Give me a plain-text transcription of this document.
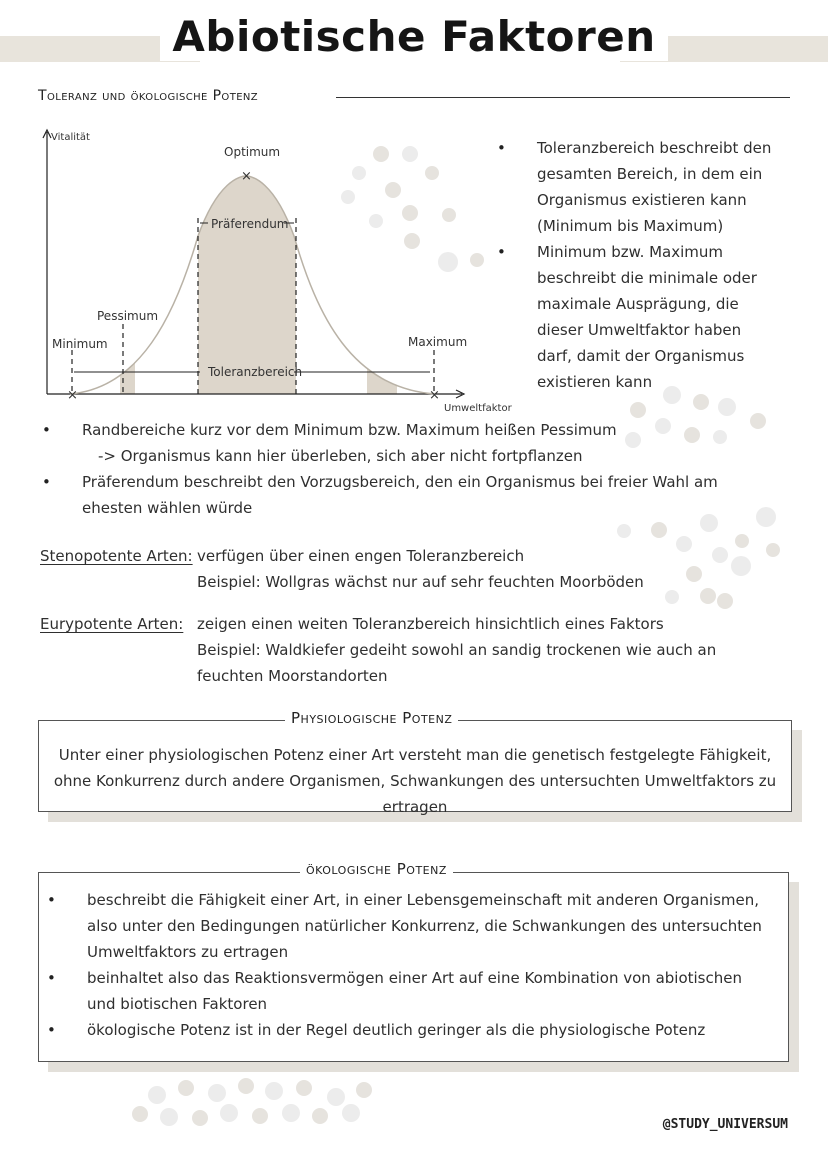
Abiotische Faktoren
Toleranz und ökologische Potenz
×
×	×
Vitalität
Umweltfaktor
Optimum
Präferendum
Pessimum
Minimum	Maximum
Toleranzbereich
• Toleranzbereich beschreibt den gesamten Bereich, in dem ein Organismus existieren kann (Minimum bis Maximum)
• Minimum bzw. Maximum beschreibt die minimale oder maximale Ausprägung, die dieser Umweltfaktor haben darf, damit der Organismus existieren kann
• Randbereiche kurz vor dem Minimum bzw. Maximum heißen Pessimum
-> Organismus kann hier überleben, sich aber nicht fortpflanzen
• Präferendum beschreibt den Vorzugsbereich, den ein Organismus bei freier Wahl am ehesten wählen würde
Stenopotente Arten: verfügen über einen engen Toleranzbereich
Beispiel: Wollgras wächst nur auf sehr feuchten Moorböden
Eurypotente Arten: zeigen einen weiten Toleranzbereich hinsichtlich eines Faktors
Beispiel: Waldkiefer gedeiht sowohl an sandig trockenen wie auch an feuchten Moorstandorten
Physiologische Potenz
Unter einer physiologischen Potenz einer Art versteht man die genetisch festgelegte Fähigkeit, ohne Konkurrenz durch andere Organismen, Schwankungen des untersuchten Umweltfaktors zu ertragen
ökologische Potenz
• beschreibt die Fähigkeit einer Art, in einer Lebensgemeinschaft mit anderen Organismen, also unter den Bedingungen natürlicher Konkurrenz, die Schwankungen des untersuchten Umweltfaktors zu ertragen
• beinhaltet also das Reaktionsvermögen einer Art auf eine Kombination von abiotischen und biotischen Faktoren
• ökologische Potenz ist in der Regel deutlich geringer als die physiologische Potenz
@STUDY_UNIVERSUM
